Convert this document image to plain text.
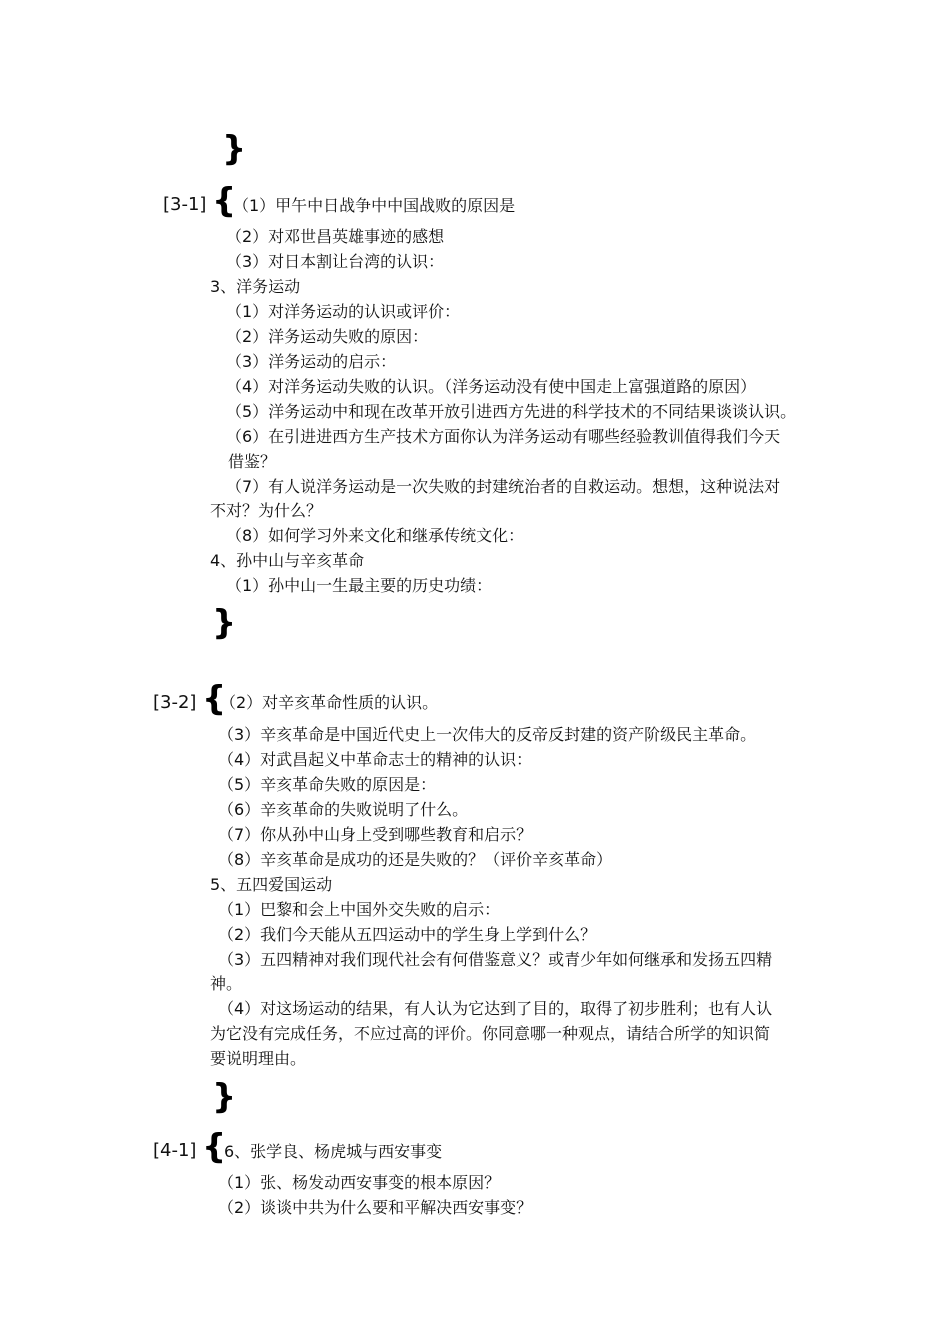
}
[3-1] {
（1）甲午中日战争中中国战败的原因是
（2）对邓世昌英雄事迹的感想
（3）对日本割让台湾的认识：
3、洋务运动
（1）对洋务运动的认识或评价：
（2）洋务运动失败的原因：
（3）洋务运动的启示：
（4）对洋务运动失败的认识。（洋务运动没有使中国走上富强道路的原因）
（5）洋务运动中和现在改革开放引进西方先进的科学技术的不同结果谈谈认识。
（6）在引进进西方生产技术方面你认为洋务运动有哪些经验教训值得我们今天
借鉴？
（7）有人说洋务运动是一次失败的封建统治者的自救运动。想想，这种说法对
不对？为什么？
（8）如何学习外来文化和继承传统文化：
4、孙中山与辛亥革命
（1）孙中山一生最主要的历史功绩：
}
[3-2] {
（2）对辛亥革命性质的认识。
（3）辛亥革命是中国近代史上一次伟大的反帝反封建的资产阶级民主革命。
（4）对武昌起义中革命志士的精神的认识：
（5）辛亥革命失败的原因是：
（6）辛亥革命的失败说明了什么。
（7）你从孙中山身上受到哪些教育和启示？
（8）辛亥革命是成功的还是失败的？（评价辛亥革命）
5、五四爱国运动
（1）巴黎和会上中国外交失败的启示：
（2）我们今天能从五四运动中的学生身上学到什么？
（3）五四精神对我们现代社会有何借鉴意义？或青少年如何继承和发扬五四精
神。
（4）对这场运动的结果，有人认为它达到了目的，取得了初步胜利；也有人认
为它没有完成任务，不应过高的评价。你同意哪一种观点，请结合所学的知识简
要说明理由。
}
[4-1] {
6、张学良、杨虎城与西安事变
（1）张、杨发动西安事变的根本原因？
（2）谈谈中共为什么要和平解决西安事变？
